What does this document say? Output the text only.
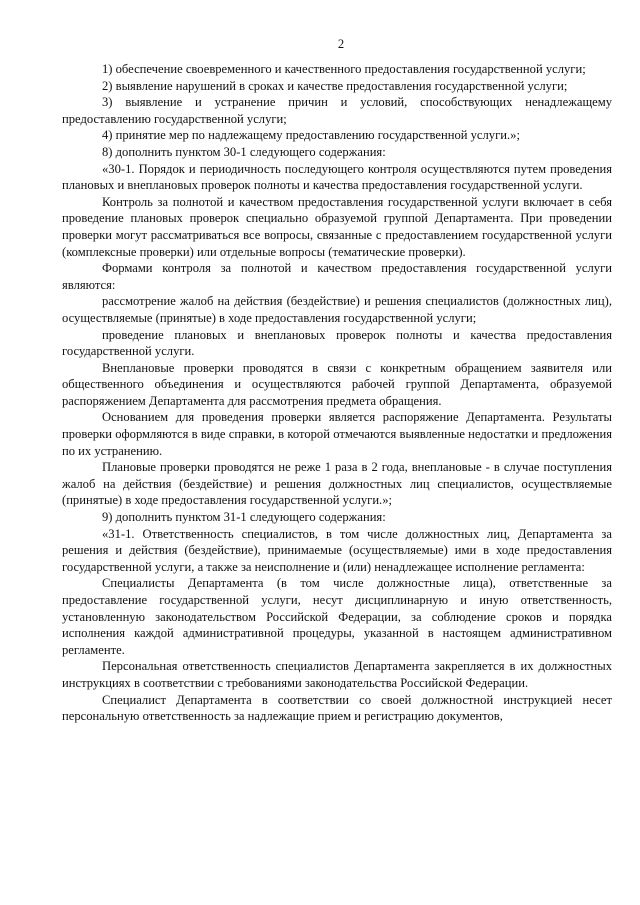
2

1) обеспечение своевременного и качественного предоставления государственной услуги;

2) выявление нарушений в сроках и качестве предоставления государственной услуги;

3) выявление и устранение причин и условий, способствующих ненадлежащему предоставлению государственной услуги;

4) принятие мер по надлежащему предоставлению государственной услуги.»;

8) дополнить пунктом 30-1 следующего содержания:

«30-1. Порядок и периодичность последующего контроля осуществляются путем проведения плановых и внеплановых проверок полноты и качества предоставления государственной услуги.

Контроль за полнотой и качеством предоставления государственной услуги включает в себя проведение плановых проверок специально образуемой группой Департамента. При проведении проверки могут рассматриваться все вопросы, связанные с предоставлением государственной услуги (комплексные проверки) или отдельные вопросы (тематические проверки).

Формами контроля за полнотой и качеством предоставления государственной услуги являются:

рассмотрение жалоб на действия (бездействие) и решения специалистов (должностных лиц), осуществляемые (принятые) в ходе предоставления государственной услуги;

проведение плановых и внеплановых проверок полноты и качества предоставления государственной услуги.

Внеплановые проверки проводятся в связи с конкретным обращением заявителя или общественного объединения и осуществляются рабочей группой Департамента, образуемой распоряжением Департамента для рассмотрения предмета обращения.

Основанием для проведения проверки является распоряжение Департамента. Результаты проверки оформляются в виде справки, в которой отмечаются выявленные недостатки и предложения по их устранению.

Плановые проверки проводятся не реже 1 раза в 2 года, внеплановые - в случае поступления жалоб на действия (бездействие) и решения должностных лиц специалистов, осуществляемые (принятые) в ходе предоставления государственной услуги.»;

9) дополнить пунктом 31-1 следующего содержания:

«31-1. Ответственность специалистов, в том числе должностных лиц, Департамента за решения и действия (бездействие), принимаемые (осуществляемые) ими в ходе предоставления государственной услуги, а также за неисполнение и (или) ненадлежащее исполнение регламента:

Специалисты Департамента (в том числе должностные лица), ответственные за предоставление государственной услуги, несут дисциплинарную и иную ответственность, установленную законодательством Российской Федерации, за соблюдение сроков и порядка исполнения каждой административной процедуры, указанной в настоящем административном регламенте.

Персональная ответственность специалистов Департамента закрепляется в их должностных инструкциях в соответствии с требованиями законодательства Российской Федерации.

Специалист Департамента в соответствии со своей должностной инструкцией несет персональную ответственность за надлежащие прием и регистрацию документов,
